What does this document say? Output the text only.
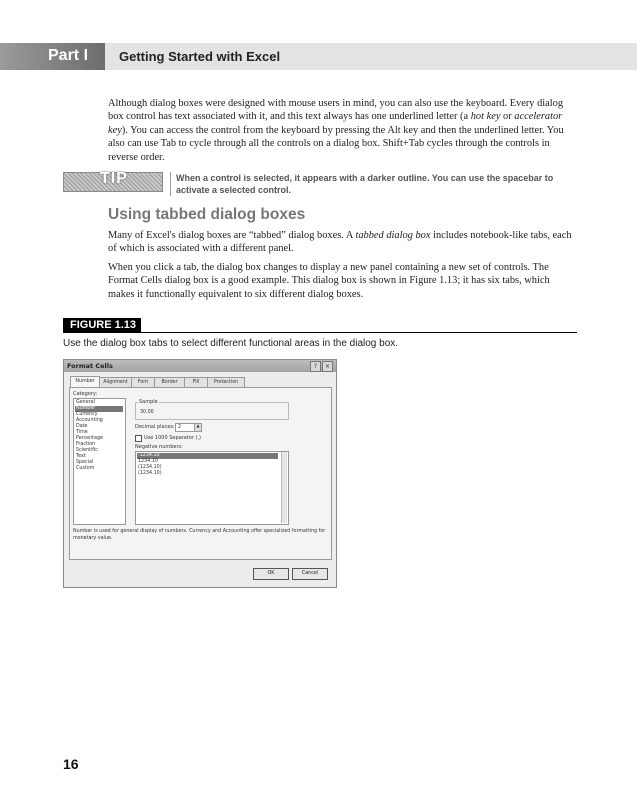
Part I Getting Started with Excel

Although dialog boxes were designed with mouse users in mind, you can also use the keyboard. Every dialog box control has text associated with it, and this text always has one underlined letter (a hot key or accelerator key). You can access the control from the keyboard by pressing the Alt key and then the underlined letter. You also can use Tab to cycle through all the controls on a dialog box. Shift+Tab cycles through the controls in reverse order.

TIP	When a control is selected, it appears with a darker outline. You can use the spacebar to activate a selected control.
Using tabbed dialog boxes

Many of Excel's dialog boxes are “tabbed” dialog boxes. A tabbed dialog box includes notebook-like tabs, each of which is associated with a different panel.

When you click a tab, the dialog box changes to display a new panel containing a new set of controls. The Format Cells dialog box is a good example. This dialog box is shown in Figure 1.13; it has six tabs, which makes it functionally equivalent to six different dialog boxes.

FIGURE 1.13
Use the dialog box tabs to select different functional areas in the dialog box.
Format Cells	?	×
Number	Alignment	Font	Border	Fill	Protection
Category:
General
Number
Currency
Accounting
Date
Time
Percentage
Fraction
Scientific
Text
Special
Custom
Sample
30.00
Decimal places: 2	▲
Use 1000 Separator (,)
Negative numbers:
-1234.10
1234.10
(1234.10)
(1234.10)
Number is used for general display of numbers. Currency and Accounting offer specialized formatting for monetary value.
OK	Cancel
16
